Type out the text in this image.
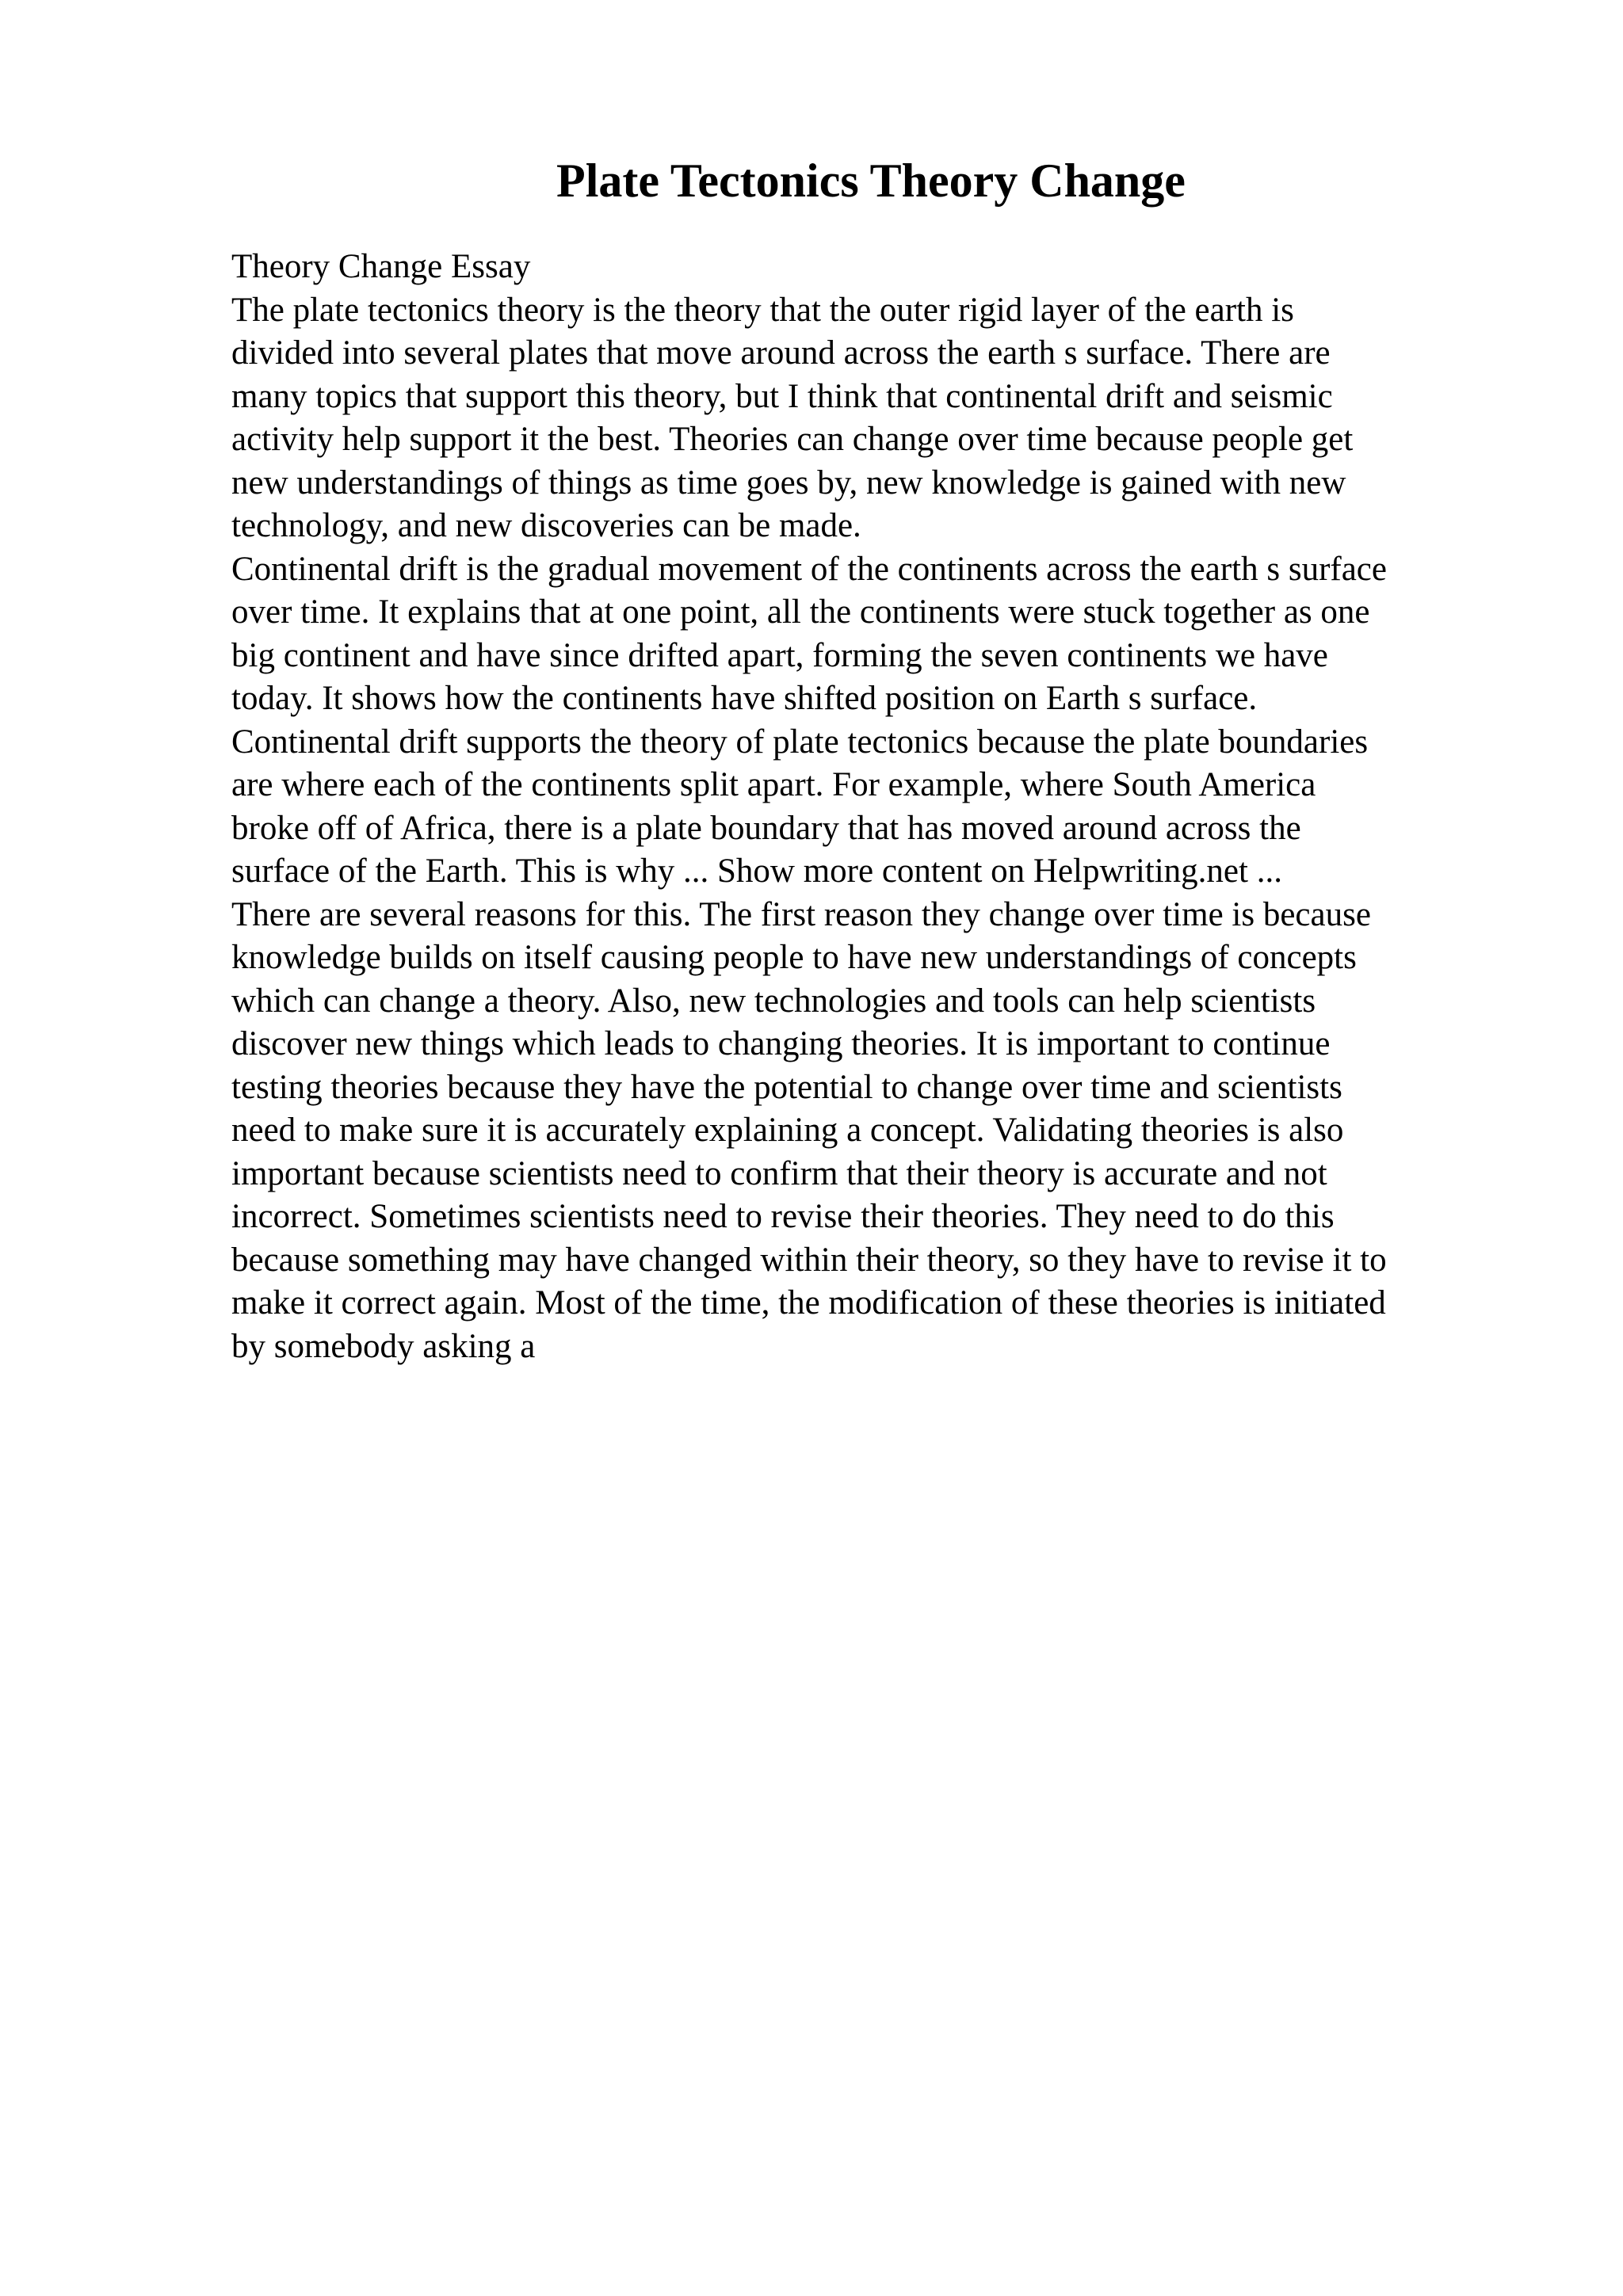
Plate Tectonics Theory Change
Theory Change Essay
The plate tectonics theory is the theory that the outer rigid layer of the earth is
divided into several plates that move around across the earth s surface. There are
many topics that support this theory, but I think that continental drift and seismic
activity help support it the best. Theories can change over time because people get
new understandings of things as time goes by, new knowledge is gained with new
technology, and new discoveries can be made.
Continental drift is the gradual movement of the continents across the earth s surface
over time. It explains that at one point, all the continents were stuck together as one
big continent and have since drifted apart, forming the seven continents we have
today. It shows how the continents have shifted position on Earth s surface.
Continental drift supports the theory of plate tectonics because the plate boundaries
are where each of the continents split apart. For example, where South America
broke off of Africa, there is a plate boundary that has moved around across the
surface of the Earth. This is why ... Show more content on Helpwriting.net ...
There are several reasons for this. The first reason they change over time is because
knowledge builds on itself causing people to have new understandings of concepts
which can change a theory. Also, new technologies and tools can help scientists
discover new things which leads to changing theories. It is important to continue
testing theories because they have the potential to change over time and scientists
need to make sure it is accurately explaining a concept. Validating theories is also
important because scientists need to confirm that their theory is accurate and not
incorrect. Sometimes scientists need to revise their theories. They need to do this
because something may have changed within their theory, so they have to revise it to
make it correct again. Most of the time, the modification of these theories is initiated
by somebody asking a
